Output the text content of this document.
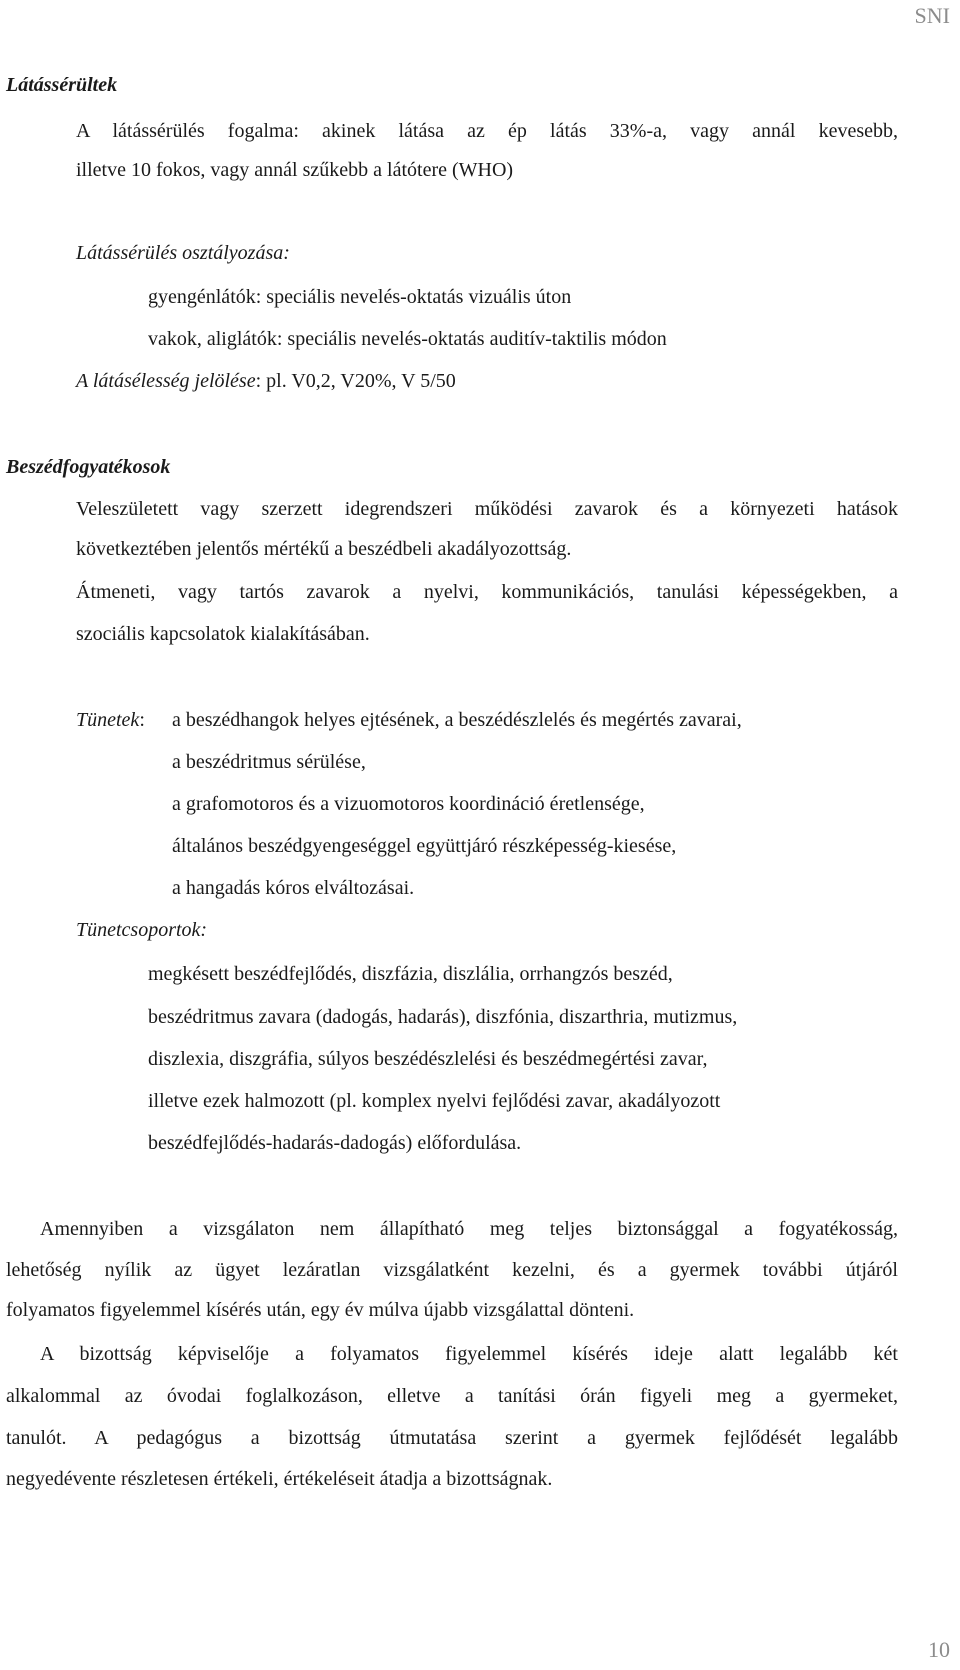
SNI
Látássérültek
A látássérülés fogalma: akinek látása az ép látás 33%-a, vagy annál kevesebb,
illetve 10 fokos, vagy annál szűkebb a látótere (WHO)
Látássérülés osztályozása:
gyengénlátók: speciális nevelés-oktatás vizuális úton
vakok, aliglátók: speciális nevelés-oktatás auditív-taktilis módon
A látásélesség jelölése: pl. V0,2, V20%, V 5/50
Beszédfogyatékosok
Veleszületett vagy szerzett idegrendszeri működési zavarok és a környezeti hatások
következtében jelentős mértékű a beszédbeli akadályozottság.
Átmeneti, vagy tartós zavarok a nyelvi, kommunikációs, tanulási képességekben, a
szociális kapcsolatok kialakításában.
Tünetek: a beszédhangok helyes ejtésének, a beszédészlelés és megértés zavarai,
a beszédritmus sérülése,
a grafomotoros és a vizuomotoros koordináció éretlensége,
általános beszédgyengeséggel együttjáró részképesség-kiesése,
a hangadás kóros elváltozásai.
Tünetcsoportok:
megkésett beszédfejlődés, diszfázia, diszlália, orrhangzós beszéd,
beszédritmus zavara (dadogás, hadarás), diszfónia, diszarthria, mutizmus,
diszlexia, diszgráfia, súlyos beszédészlelési és beszédmegértési zavar,
illetve ezek halmozott (pl. komplex nyelvi fejlődési zavar, akadályozott
beszédfejlődés-hadarás-dadogás) előfordulása.
Amennyiben a vizsgálaton nem állapítható meg teljes biztonsággal a fogyatékosság,
lehetőség nyílik az ügyet lezáratlan vizsgálatként kezelni, és a gyermek további útjáról
folyamatos figyelemmel kísérés után, egy év múlva újabb vizsgálattal dönteni.
A bizottság képviselője a folyamatos figyelemmel kísérés ideje alatt legalább két
alkalommal az óvodai foglalkozáson, elletve a tanítási órán figyeli meg a gyermeket,
tanulót. A pedagógus a bizottság útmutatása szerint a gyermek fejlődését legalább
negyedévente részletesen értékeli, értékeléseit átadja a bizottságnak.
10
